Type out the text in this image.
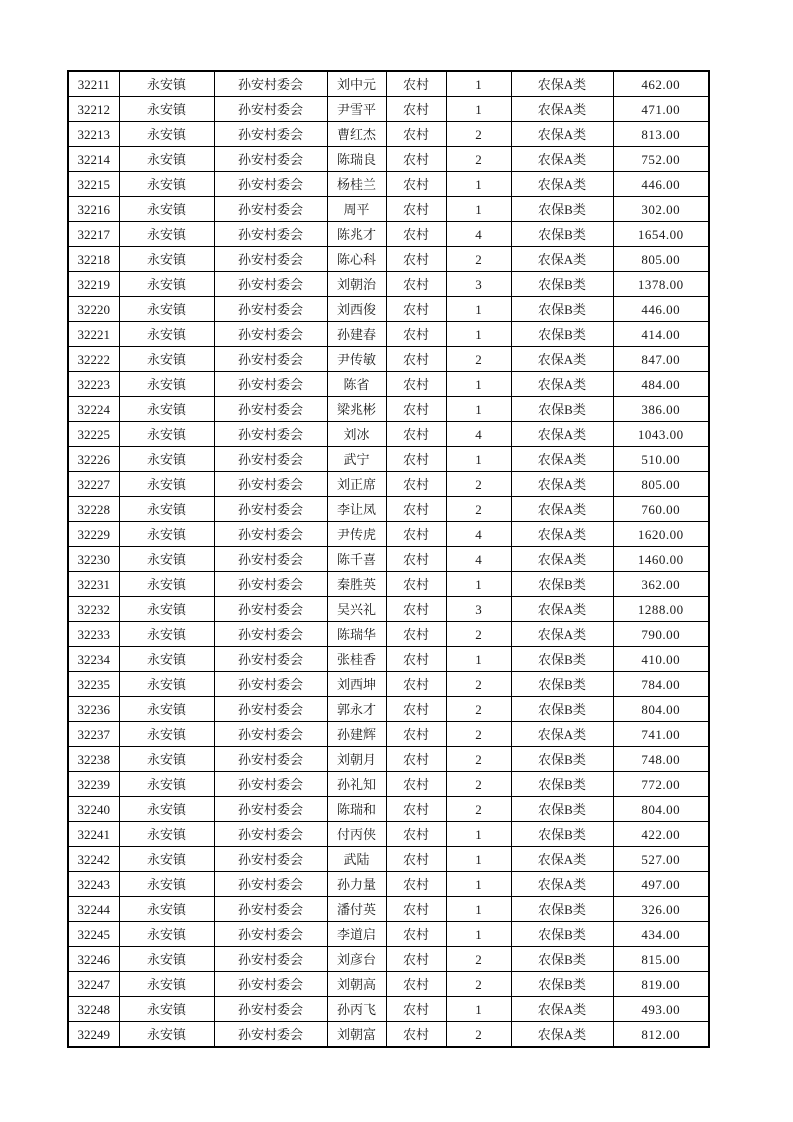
32211	永安镇	孙安村委会	刘中元	农村	1	农保A类	462.00
32212	永安镇	孙安村委会	尹雪平	农村	1	农保A类	471.00
32213	永安镇	孙安村委会	曹红杰	农村	2	农保A类	813.00
32214	永安镇	孙安村委会	陈瑞良	农村	2	农保A类	752.00
32215	永安镇	孙安村委会	杨桂兰	农村	1	农保A类	446.00
32216	永安镇	孙安村委会	周平	农村	1	农保B类	302.00
32217	永安镇	孙安村委会	陈兆才	农村	4	农保B类	1654.00
32218	永安镇	孙安村委会	陈心科	农村	2	农保A类	805.00
32219	永安镇	孙安村委会	刘朝治	农村	3	农保B类	1378.00
32220	永安镇	孙安村委会	刘西俊	农村	1	农保B类	446.00
32221	永安镇	孙安村委会	孙建春	农村	1	农保B类	414.00
32222	永安镇	孙安村委会	尹传敏	农村	2	农保A类	847.00
32223	永安镇	孙安村委会	陈省	农村	1	农保A类	484.00
32224	永安镇	孙安村委会	梁兆彬	农村	1	农保B类	386.00
32225	永安镇	孙安村委会	刘冰	农村	4	农保A类	1043.00
32226	永安镇	孙安村委会	武宁	农村	1	农保A类	510.00
32227	永安镇	孙安村委会	刘正席	农村	2	农保A类	805.00
32228	永安镇	孙安村委会	李让凤	农村	2	农保A类	760.00
32229	永安镇	孙安村委会	尹传虎	农村	4	农保A类	1620.00
32230	永安镇	孙安村委会	陈千喜	农村	4	农保A类	1460.00
32231	永安镇	孙安村委会	秦胜英	农村	1	农保B类	362.00
32232	永安镇	孙安村委会	吴兴礼	农村	3	农保A类	1288.00
32233	永安镇	孙安村委会	陈瑞华	农村	2	农保A类	790.00
32234	永安镇	孙安村委会	张桂香	农村	1	农保B类	410.00
32235	永安镇	孙安村委会	刘西坤	农村	2	农保B类	784.00
32236	永安镇	孙安村委会	郭永才	农村	2	农保B类	804.00
32237	永安镇	孙安村委会	孙建辉	农村	2	农保A类	741.00
32238	永安镇	孙安村委会	刘朝月	农村	2	农保B类	748.00
32239	永安镇	孙安村委会	孙礼知	农村	2	农保B类	772.00
32240	永安镇	孙安村委会	陈瑞和	农村	2	农保B类	804.00
32241	永安镇	孙安村委会	付丙侠	农村	1	农保B类	422.00
32242	永安镇	孙安村委会	武陆	农村	1	农保A类	527.00
32243	永安镇	孙安村委会	孙力量	农村	1	农保A类	497.00
32244	永安镇	孙安村委会	潘付英	农村	1	农保B类	326.00
32245	永安镇	孙安村委会	李道启	农村	1	农保B类	434.00
32246	永安镇	孙安村委会	刘彦台	农村	2	农保B类	815.00
32247	永安镇	孙安村委会	刘朝高	农村	2	农保B类	819.00
32248	永安镇	孙安村委会	孙丙飞	农村	1	农保A类	493.00
32249	永安镇	孙安村委会	刘朝富	农村	2	农保A类	812.00
